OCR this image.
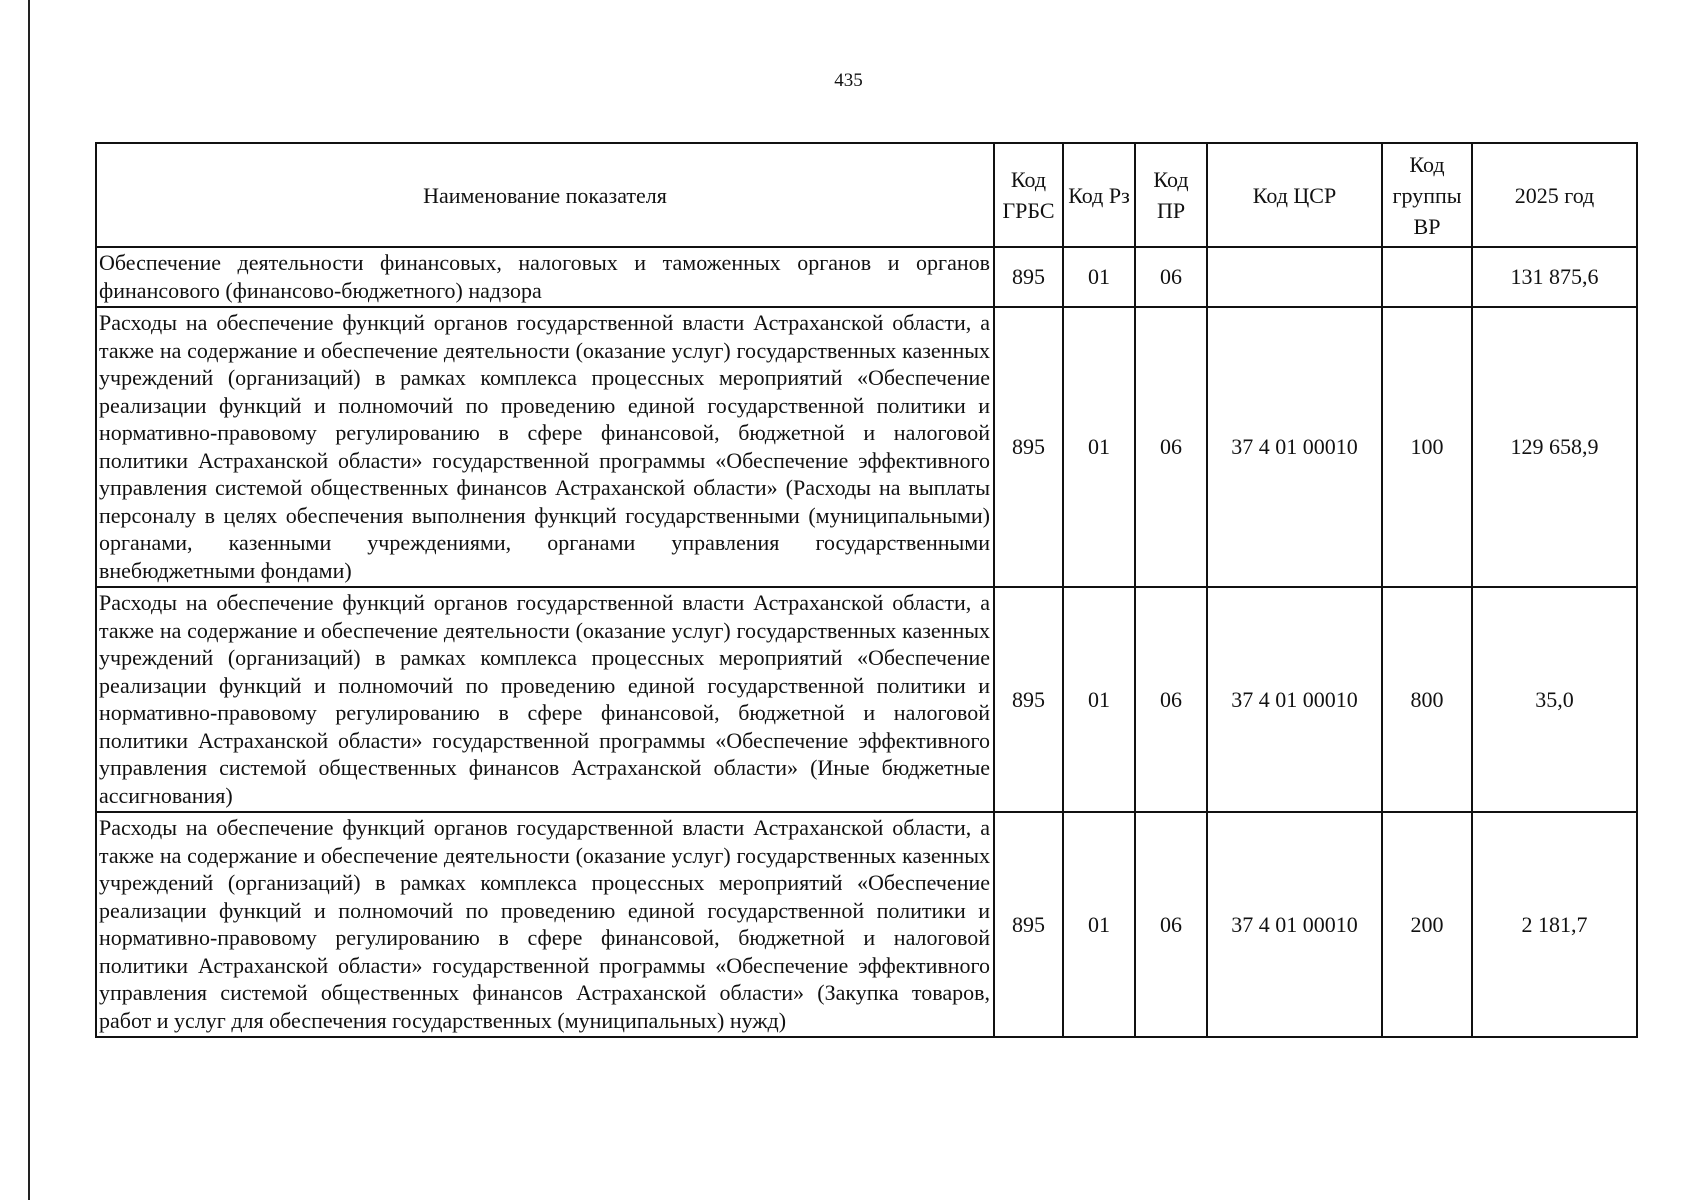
435
Наименование показателя	Код ГРБС	Код Рз	Код ПР	Код ЦСР	Код группы ВР	2025 год
Обеспечение деятельности финансовых, налоговых и таможенных органов и органов финансового (финансово-бюджетного) надзора	895	01	06			131 875,6
Расходы на обеспечение функций органов государственной власти Астраханской области, а также на содержание и обеспечение деятельности (оказание услуг) государственных казенных учреждений (организаций) в рамках комплекса процессных мероприятий «Обеспечение реализации функций и полномочий по проведению единой государственной политики и нормативно-правовому регулированию в сфере финансовой, бюджетной и налоговой политики Астраханской области» государственной программы «Обеспечение эффективного управления системой общественных финансов Астраханской области» (Расходы на выплаты персоналу в целях обеспечения выполнения функций государственными (муниципальными) органами, казенными учреждениями, органами управления государственными внебюджетными фондами)	895	01	06	37 4 01 00010	100	129 658,9
Расходы на обеспечение функций органов государственной власти Астраханской области, а также на содержание и обеспечение деятельности (оказание услуг) государственных казенных учреждений (организаций) в рамках комплекса процессных мероприятий «Обеспечение реализации функций и полномочий по проведению единой государственной политики и нормативно-правовому регулированию в сфере финансовой, бюджетной и налоговой политики Астраханской области» государственной программы «Обеспечение эффективного управления системой общественных финансов Астраханской области» (Иные бюджетные ассигнования)	895	01	06	37 4 01 00010	800	35,0
Расходы на обеспечение функций органов государственной власти Астраханской области, а также на содержание и обеспечение деятельности (оказание услуг) государственных казенных учреждений (организаций) в рамках комплекса процессных мероприятий «Обеспечение реализации функций и полномочий по проведению единой государственной политики и нормативно-правовому регулированию в сфере финансовой, бюджетной и налоговой политики Астраханской области» государственной программы «Обеспечение эффективного управления системой общественных финансов Астраханской области» (Закупка товаров, работ и услуг для обеспечения государственных (муниципальных) нужд)	895	01	06	37 4 01 00010	200	2 181,7
